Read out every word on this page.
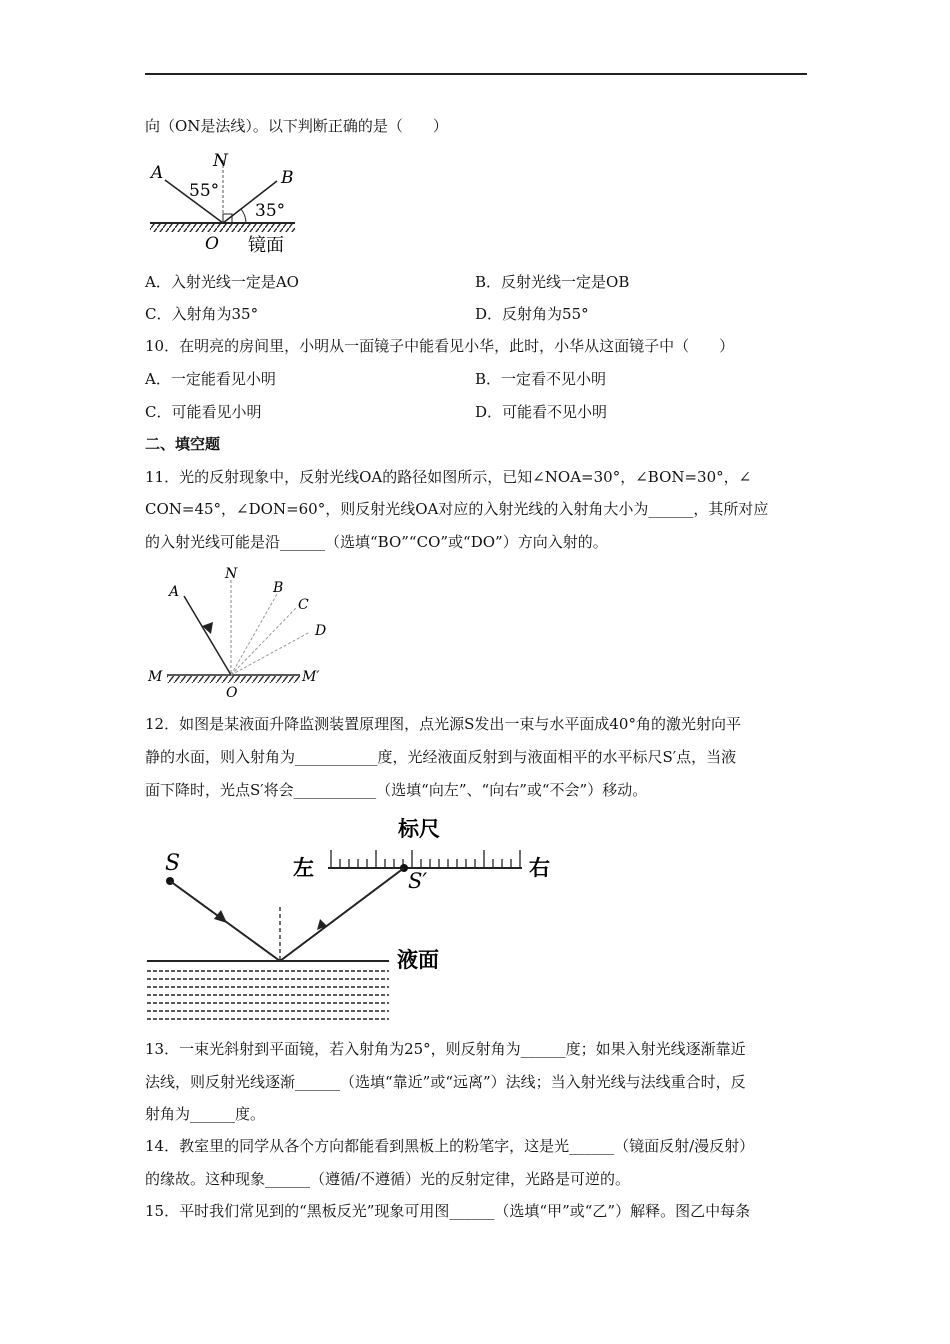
向（ON是法线）。以下判断正确的是（　　）
A
N
B
55°
35°
O 镜面
A．入射光线一定是AO	B．反射光线一定是OB
C．入射角为35°	D．反射角为55°
10．在明亮的房间里，小明从一面镜子中能看见小华，此时，小华从这面镜子中（　　）
A．一定能看见小明	B．一定看不见小明
C．可能看见小明	D．可能看不见小明
二、填空题
11．光的反射现象中，反射光线OA的路径如图所示，已知∠NOA=30°，∠BON=30°，∠
CON=45°，∠DON=60°，则反射光线OA对应的入射光线的入射角大小为______，其所对应
的入射光线可能是沿______（选填“BO”“CO”或“DO”）方向入射的。
A
N
B
C
D
M
O
M′
12．如图是某液面升降监测装置原理图，点光源S发出一束与水平面成40°角的激光射向平
静的水面，则入射角为___________度，光经液面反射到与液面相平的水平标尺S′点，当液
面下降时，光点S′将会___________（选填“向左”、“向右”或“不会”）移动。
标尺
S	左	右
S′
液面
13．一束光斜射到平面镜，若入射角为25°，则反射角为______度；如果入射光线逐渐靠近
法线，则反射光线逐渐______（选填“靠近”或“远离”）法线；当入射光线与法线重合时，反
射角为______度。
14．教室里的同学从各个方向都能看到黑板上的粉笔字，这是光______（镜面反射/漫反射）
的缘故。这种现象______（遵循/不遵循）光的反射定律，光路是可逆的。
15．平时我们常见到的“黑板反光”现象可用图______（选填“甲”或“乙”）解释。图乙中每条
